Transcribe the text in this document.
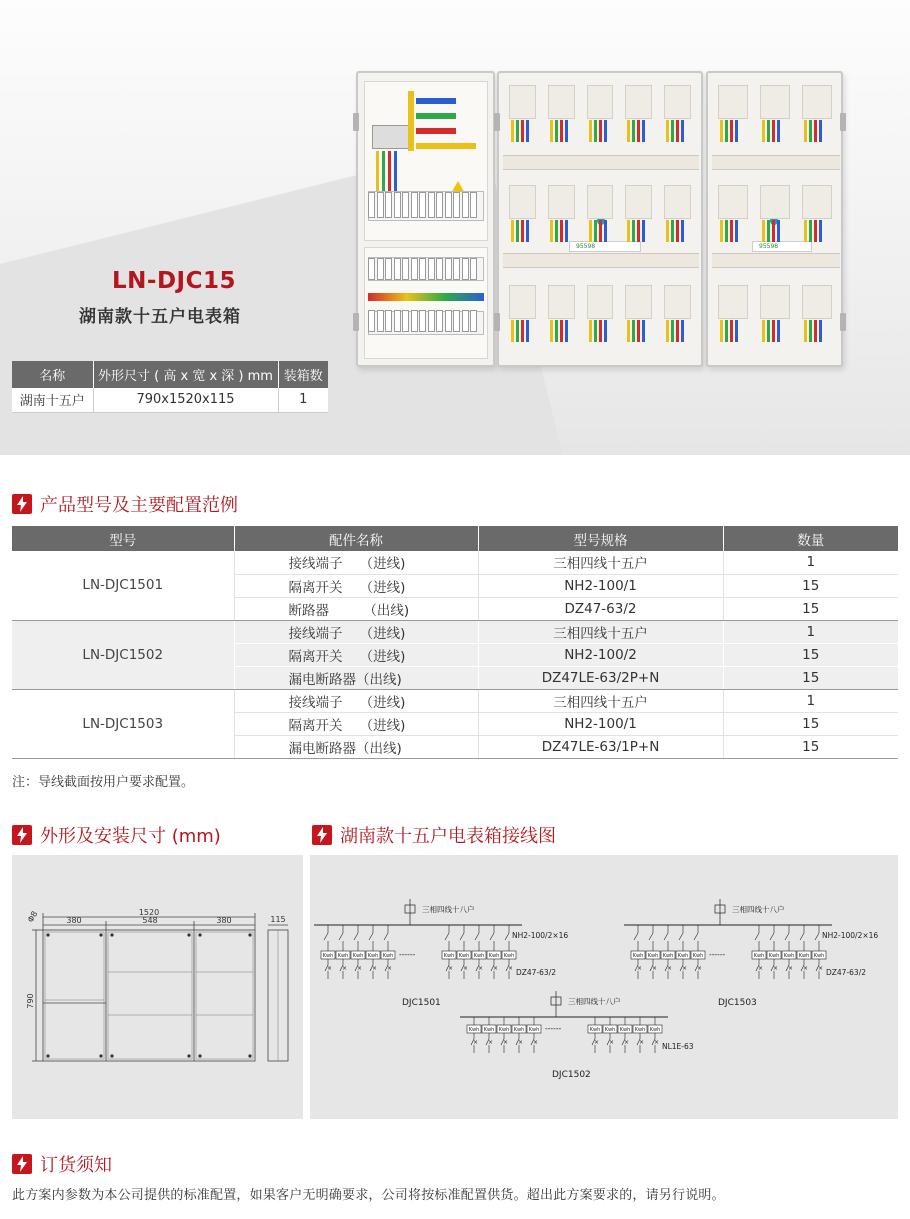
95598	95598
LN-DJC15
湖南款十五户电表箱
名称	外形尺寸 ( 高 x 宽 x 深 ) mm	装箱数
湖南十五户	790x1520x115	1
产品型号及主要配置范例
型号	配件名称	型号规格	数量
LN-DJC1501	接线端子    （进线)	三相四线十五户	1
	隔离开关    （进线)	NH2-100/1	15
	断路器        （出线)	DZ47-63/2	15
LN-DJC1502	接线端子    （进线)	三相四线十五户	1
	隔离开关    （进线)	NH2-100/2	15
	漏电断路器（出线)	DZ47LE-63/2P+N	15
LN-DJC1503	接线端子    （进线)	三相四线十五户	1
	隔离开关    （进线)	NH2-100/1	15
	漏电断路器（出线)	DZ47LE-63/1P+N	15
注：导线截面按用户要求配置。
外形及安装尺寸 (mm)	湖南款十五户电表箱接线图
1520
380	548	380	115
Φ8
790
三相四线十八户
Kwh
×
Kwh
×
Kwh
×
Kwh
×
Kwh
×
Kwh
×
Kwh
×
Kwh
×
Kwh
×
Kwh
×
------
NH2-100/2×16
DZ47-63/2
DJC1501
三相四线十八户
Kwh
×
Kwh
×
Kwh
×
Kwh
×
Kwh
×
Kwh
×
Kwh
×
Kwh
×
Kwh
×
Kwh
×
------
NH2-100/2×16
DZ47-63/2
DJC1503
三相四线十八户
Kwh
×
Kwh
×
Kwh
×
Kwh
×
Kwh
×
Kwh
×
Kwh
×
Kwh
×
Kwh
×
Kwh
×
------
NL1E-63
DJC1502
订货须知
此方案内参数为本公司提供的标准配置，如果客户无明确要求，公司将按标准配置供货。超出此方案要求的，请另行说明。
